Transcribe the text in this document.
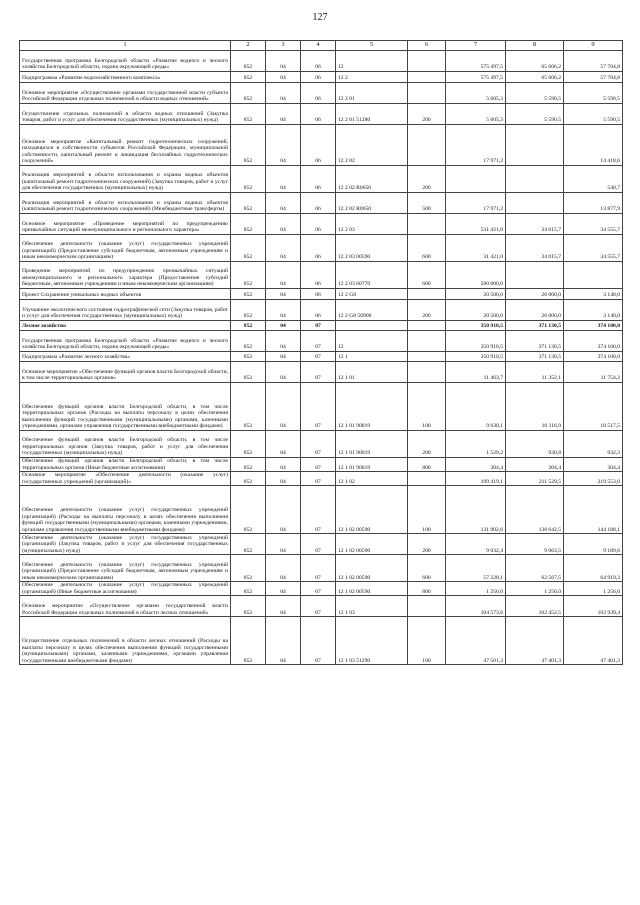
127
1	2	3	4	5	6	7	8	9
Государственная программа Белгородской области «Развитие водного и лесного хозяйства Белгородской области, охрана окружающей среды»	852	04	06	12		575 497,5	65 606,2	57 704,8
Подпрограмма «Развитие водохозяйственного комплекса»	852	04	06	12 2		575 497,5	65 606,2	57 704,8
Основное мероприятие «Осуществление органами государственной власти субъекта Российской Федерации отдельных полномочий в области водных отношений»	852	04	06	12 2 01		5 605,3	5 590,5	5 590,5
Осуществление отдельных полномочий в области водных отношений (Закупка товаров, работ и услуг для обеспечения государственных (муниципальных) нужд)	852	04	06	12 2 01 51280	200	5 605,3	5 590,5	5 590,5
Основное мероприятие «Капитальный ремонт гидротехнических сооружений, находящихся в собственности субъектов Российской Федерации, муниципальной собственности, капитальный ремонт и ликвидация бесхозяйных гидротехнических сооружений»	852	04	06	12 2 02		17 971,2		14 418,6
Реализация мероприятий в области использования и охраны водных объектов (капитальный ремонт гидротехнических сооружений) (Закупка товаров, работ и услуг для обеспечения государственных (муниципальных) нужд)	852	04	06	12 2 02 R0650	200			540,7
Реализация мероприятий в области использования и охраны водных объектов (капитальный ремонт гидротехнических сооружений) (Межбюджетные трансферты)	852	04	06	12 2 02 R0650	500	17 971,2		13 877,9
Основное мероприятие «Проведение мероприятий по предупреждению чрезвычайных ситуаций межмуниципального и регионального характера»	852	04	06	12 2 03		531 421,0	34 015,7	34 555,7
Обеспечение деятельности (оказание услуг) государственных учреждений (организаций) (Предоставление субсидий бюджетным, автономным учреждениям и иным некоммерческим организациям)	852	04	06	12 2 03 00590	600	31 421,0	34 015,7	34 555,7
Проведение мероприятий по предупреждению чрезвычайных ситуаций межмуниципального и регионального характера (Предоставление субсидий бюджетным, автономным учреждениям и иным некоммерческим организациям)	852	04	06	12 2 03 60770	600	500 000,0		
Проект Сохранение уникальных водных объектов	852	04	06	12 2 G8		20 500,0	26 000,0	3 140,0
Улучшение экологического состояния гидрографической сети (Закупка товаров, работ и услуг для обеспечения государственных (муниципальных) нужд)	852	04	06	12 2 G8 50900	200	20 500,0	26 000,0	3 140,0
Лесное хозяйство	852	04	07			350 910,5	371 130,5	374 100,0
Государственная программа Белгородской области «Развитие водного и лесного хозяйства Белгородской области, охрана окружающей среды»	852	04	07	12		350 910,5	371 130,5	374 100,0
Подпрограмма «Развитие лесного хозяйства»	852	04	07	12 1		350 910,5	371 130,5	374 100,0
Основное мероприятие «Обеспечение функций органов власти Белгородской области, в том числе территориальных органов»	852	04	07	12 1 01		11 463,7	11 352,1	11 754,2
Обеспечение функций органов власти Белгородской области, в том числе территориальных органов (Расходы на выплаты персоналу в целях обеспечения выполнения функций государственными (муниципальными) органами, казенными учреждениями, органами управления государственными внебюджетными фондами)	852	04	07	12 1 01 90019	100	9 630,1	10 116,9	10 517,5
Обеспечение функций органов власти Белгородской области, в том числе территориальных органов (Закупка товаров, работ и услуг для обеспечения государственных (муниципальных) нужд)	852	04	07	12 1 01 90019	200	1 529,2	930,8	932,3
Обеспечение функций органов власти Белгородской области, в том числе территориальных органов (Иные бюджетные ассигнования)	852	04	07	12 1 01 90019	800	304,4	304,4	304,4
Основное мероприятие «Обеспечение деятельности (оказание услуг) государственных учреждений (организаций)»	852	04	07	12 1 02		199 419,1	211 529,5	219 553,0
Обеспечение деятельности (оказание услуг) государственных учреждений (организаций) (Расходы на выплаты персоналу в целях обеспечения выполнения функций государственными (муниципальными) органами, казенными учреждениями, органами управления государственными внебюджетными фондами)	852	04	07	12 1 02 00590	100	131 902,6	138 642,5	144 188,1
Обеспечение деятельности (оказание услуг) государственных учреждений (организаций) (Закупка товаров, работ и услуг для обеспечения государственных (муниципальных) нужд)	852	04	07	12 1 02 00590	200	9 032,4	9 063,5	9 189,6
Обеспечение деятельности (оказание услуг) государственных учреждений (организаций) (Предоставление субсидий бюджетным, автономным учреждениям и иным некоммерческим организациям)	852	04	07	12 1 02 00590	600	57 228,1	62 567,5	64 919,3
Обеспечение деятельности (оказание услуг) государственных учреждений (организаций) (Иные бюджетные ассигнования)	852	04	07	12 1 02 00590	800	1 256,0	1 256,0	1 256,0
Основное мероприятие «Осуществление органами государственной власти Российской Федерации отдельных полномочий в области лесных отношений»	852	04	07	12 1 03		104 573,6	102 452,5	103 939,4
Осуществление отдельных полномочий в области лесных отношений (Расходы на выплаты персоналу в целях обеспечения выполнения функций государственными (муниципальными) органами, казенными учреждениями, органами управления государственными внебюджетными фондами)	852	04	07	12 1 03 51290	100	47 501,3	47 401,3	47 401,3
